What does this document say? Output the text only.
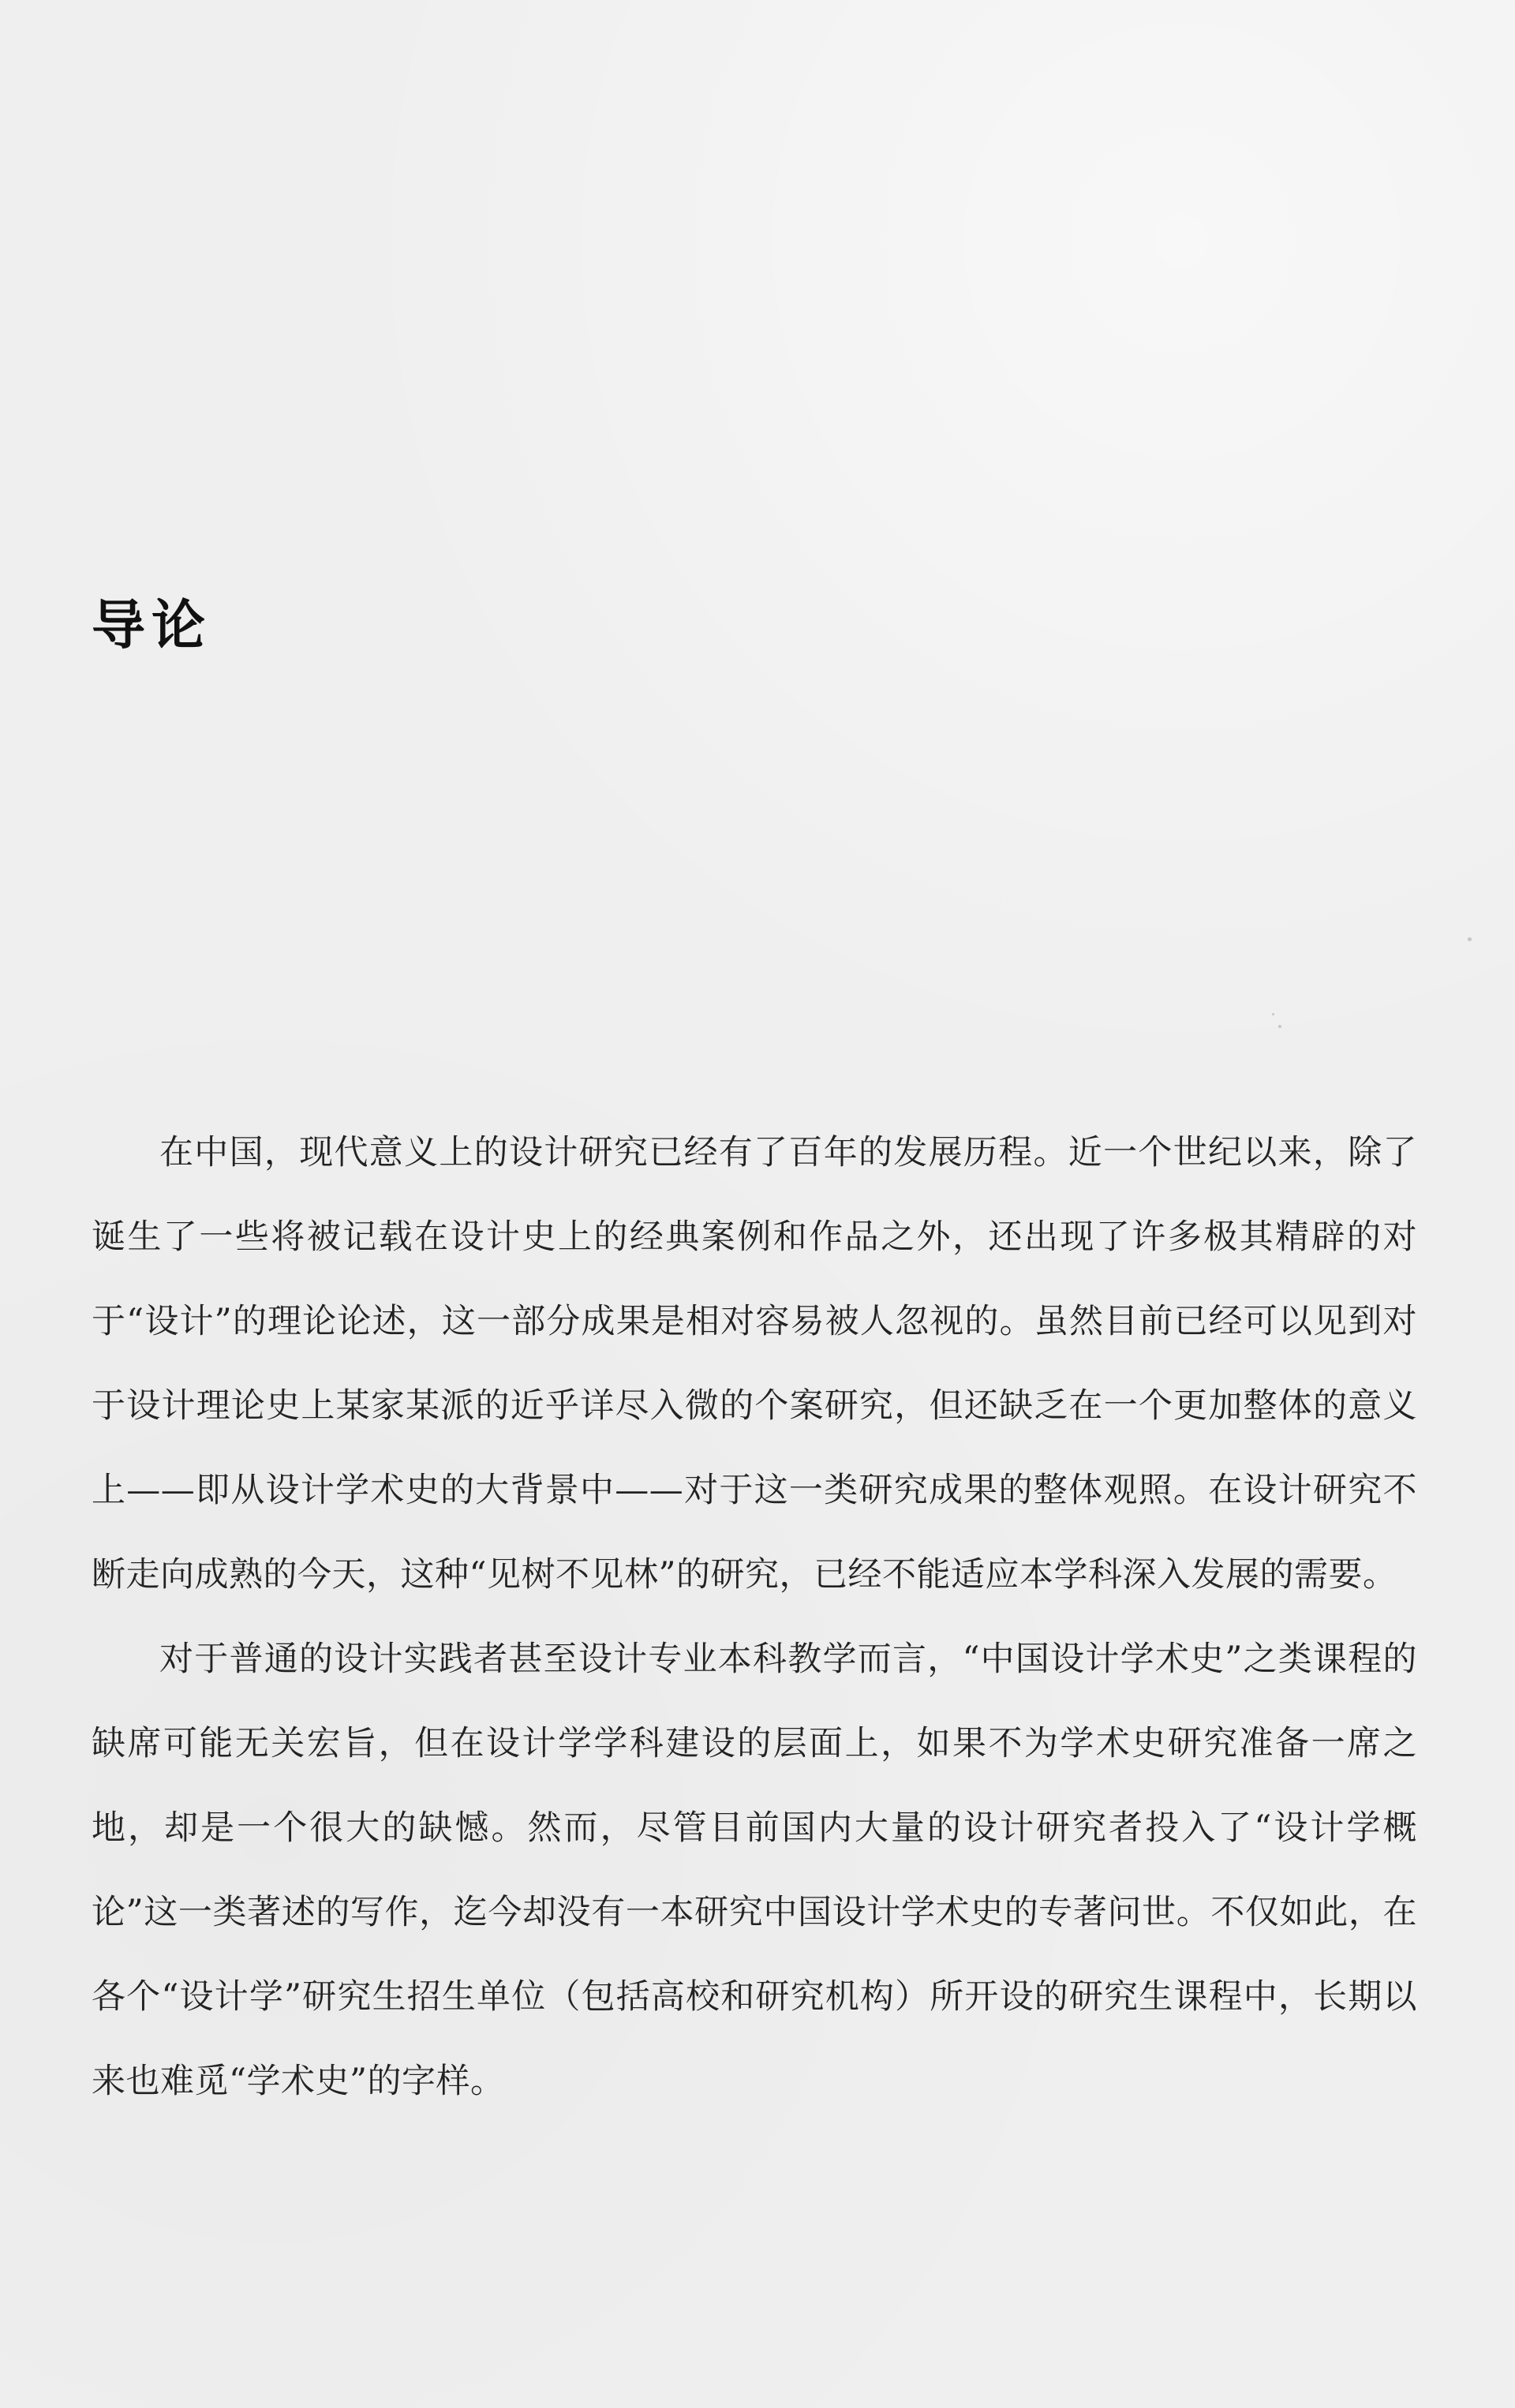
导论

在中国，现代意义上的设计研究已经有了百年的发展历程。近一个世纪以来，除了诞生了一些将被记载在设计史上的经典案例和作品之外，还出现了许多极其精辟的对于“设计”的理论论述，这一部分成果是相对容易被人忽视的。虽然目前已经可以见到对于设计理论史上某家某派的近乎详尽入微的个案研究，但还缺乏在一个更加整体的意义上——即从设计学术史的大背景中——对于这一类研究成果的整体观照。在设计研究不断走向成熟的今天，这种“见树不见林”的研究，已经不能适应本学科深入发展的需要。

对于普通的设计实践者甚至设计专业本科教学而言，“中国设计学术史”之类课程的缺席可能无关宏旨，但在设计学学科建设的层面上，如果不为学术史研究准备一席之地，却是一个很大的缺憾。然而，尽管目前国内大量的设计研究者投入了“设计学概论”这一类著述的写作，迄今却没有一本研究中国设计学术史的专著问世。不仅如此，在各个“设计学”研究生招生单位（包括高校和研究机构）所开设的研究生课程中，长期以来也难觅“学术史”的字样。
